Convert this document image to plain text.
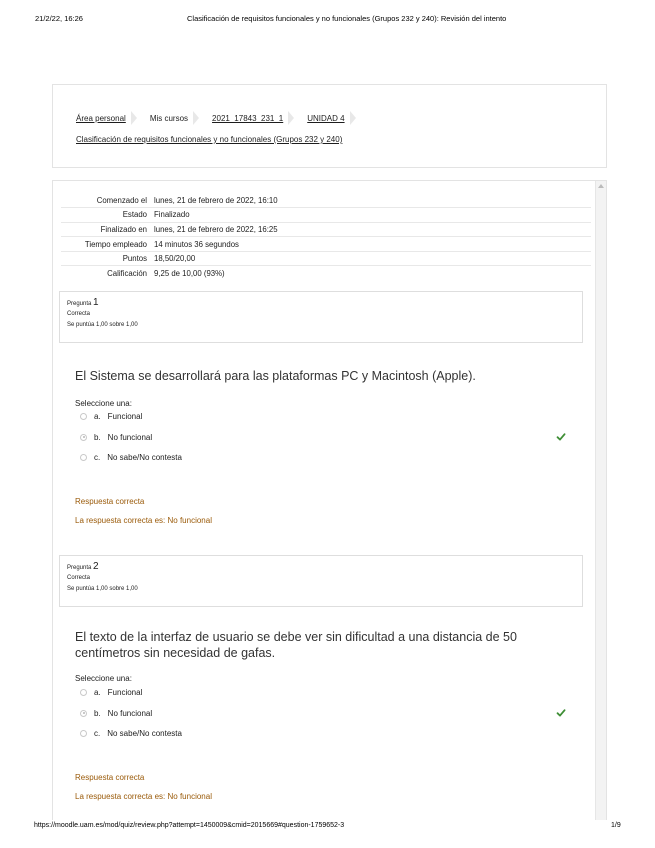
21/2/22, 16:26	Clasificación de requisitos funcionales y no funcionales (Grupos 232 y 240): Revisión del intento
Área personal	Mis cursos	2021_17843_231_1	UNIDAD 4
Clasificación de requisitos funcionales y no funcionales (Grupos 232 y 240)
Comenzado el	lunes, 21 de febrero de 2022, 16:10
Estado	Finalizado
Finalizado en	lunes, 21 de febrero de 2022, 16:25
Tiempo empleado	14 minutos 36 segundos
Puntos	18,50/20,00
Calificación	9,25 de 10,00 (93%)
Pregunta 1
Correcta
Se puntúa 1,00 sobre 1,00
El Sistema se desarrollará para las plataformas PC y Macintosh (Apple).
Seleccione una:
a. Funcional
b. No funcional
c. No sabe/No contesta
Respuesta correcta
La respuesta correcta es: No funcional
Pregunta 2
Correcta
Se puntúa 1,00 sobre 1,00
El texto de la interfaz de usuario se debe ver sin dificultad a una distancia de 50 centímetros sin necesidad de gafas.
Seleccione una:
a. Funcional
b. No funcional
c. No sabe/No contesta
Respuesta correcta
La respuesta correcta es: No funcional
https://moodle.uam.es/mod/quiz/review.php?attempt=1450009&cmid=2015669#question-1759652-3	1/9
